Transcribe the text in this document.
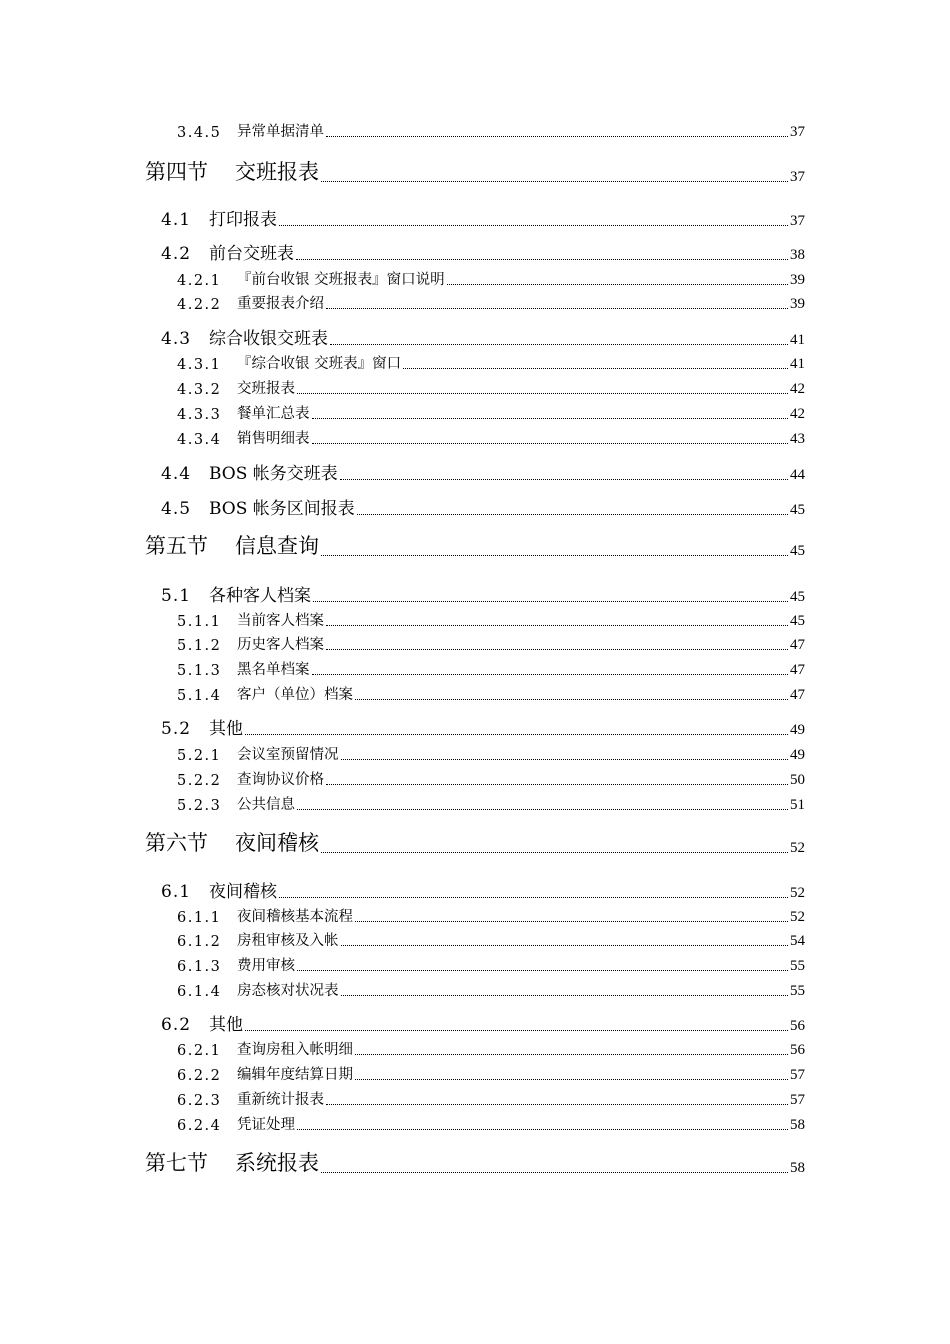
3.4.5	异常单据清单	37
第四节	交班报表	37
4.1	打印报表	37
4.2	前台交班表	38
4.2.1	『前台收银 交班报表』窗口说明	39
4.2.2	重要报表介绍	39
4.3	综合收银交班表	41
4.3.1	『综合收银 交班表』窗口	41
4.3.2	交班报表	42
4.3.3	餐单汇总表	42
4.3.4	销售明细表	43
4.4	BOS 帐务交班表	44
4.5	BOS 帐务区间报表	45
第五节	信息查询	45
5.1	各种客人档案	45
5.1.1	当前客人档案	45
5.1.2	历史客人档案	47
5.1.3	黑名单档案	47
5.1.4	客户（单位）档案	47
5.2	其他	49
5.2.1	会议室预留情况	49
5.2.2	查询协议价格	50
5.2.3	公共信息	51
第六节	夜间稽核	52
6.1	夜间稽核	52
6.1.1	夜间稽核基本流程	52
6.1.2	房租审核及入帐	54
6.1.3	费用审核	55
6.1.4	房态核对状况表	55
6.2	其他	56
6.2.1	查询房租入帐明细	56
6.2.2	编辑年度结算日期	57
6.2.3	重新统计报表	57
6.2.4	凭证处理	58
第七节	系统报表	58
